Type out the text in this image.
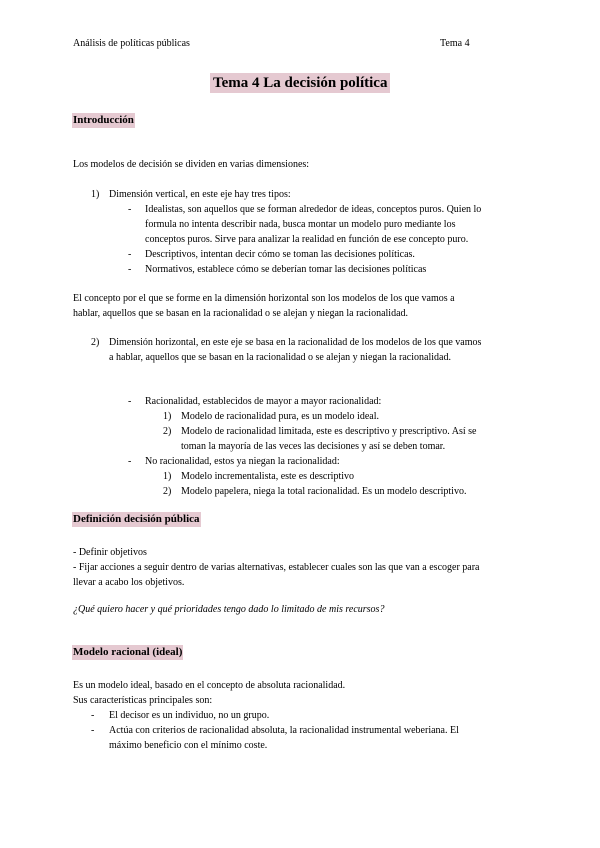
Análisis de políticas públicas	Tema 4
Tema 4 La decisión política
Introducción
Los modelos de decisión se dividen en varias dimensiones:
1) Dimensión vertical, en este eje hay tres tipos:
- Idealistas, son aquellos que se forman alrededor de ideas, conceptos puros. Quien lo
formula no intenta describir nada, busca montar un modelo puro mediante los
conceptos puros. Sirve para analizar la realidad en función de ese concepto puro.
- Descriptivos, intentan decir cómo se toman las decisiones políticas.
- Normativos, establece cómo se deberían tomar las decisiones políticas
El concepto por el que se forme en la dimensión horizontal son los modelos de los que vamos a
hablar, aquellos que se basan en la racionalidad o se alejan y niegan la racionalidad.
2) Dimensión horizontal, en este eje se basa en la racionalidad de los modelos de los que vamos
a hablar, aquellos que se basan en la racionalidad o se alejan y niegan la racionalidad.
- Racionalidad, establecidos de mayor a mayor racionalidad:
1) Modelo de racionalidad pura, es un modelo ideal.
2) Modelo de racionalidad limitada, este es descriptivo y prescriptivo. Así se
toman la mayoría de las veces las decisiones y así se deben tomar.
- No racionalidad, estos ya niegan la racionalidad:
1) Modelo incrementalista, este es descriptivo
2) Modelo papelera, niega la total racionalidad. Es un modelo descriptivo.
Definición decisión pública
- Definir objetivos
- Fijar acciones a seguir dentro de varias alternativas, establecer cuales son las que van a escoger para
llevar a acabo los objetivos.
¿Qué quiero hacer y qué prioridades tengo dado lo limitado de mis recursos?
Modelo racional (ideal)
Es un modelo ideal, basado en el concepto de absoluta racionalidad.
Sus características principales son:
- El decisor es un individuo, no un grupo.
- Actúa con criterios de racionalidad absoluta, la racionalidad instrumental weberiana. El
máximo beneficio con el mínimo coste.
